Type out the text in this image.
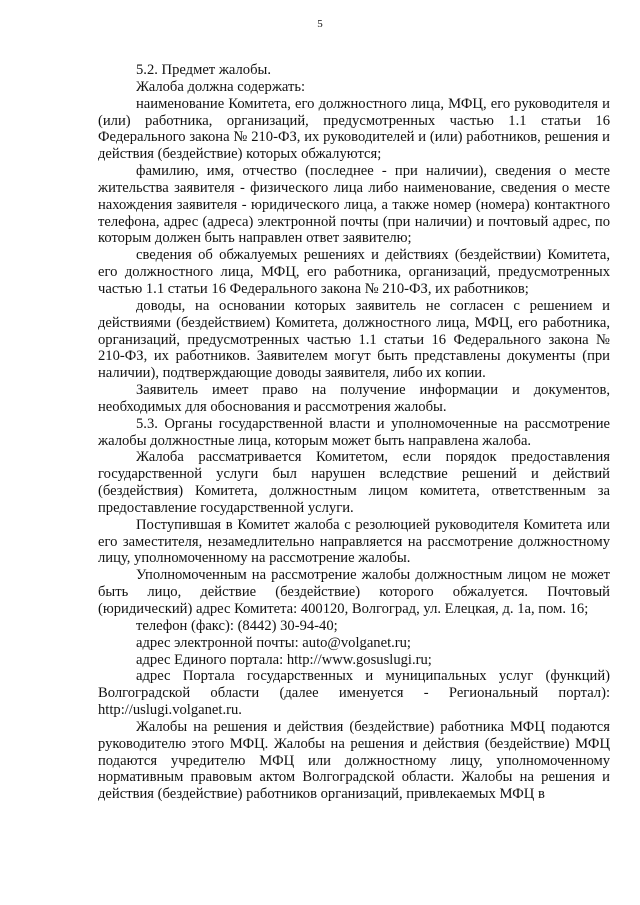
5

5.2. Предмет жалобы.

Жалоба должна содержать:

наименование Комитета, его должностного лица, МФЦ, его руководителя и (или) работника, организаций, предусмотренных частью 1.1 статьи 16 Федерального закона № 210-ФЗ, их руководителей и (или) работников, решения и действия (бездействие) которых обжалуются;

фамилию, имя, отчество (последнее - при наличии), сведения о месте жительства заявителя - физического лица либо наименование, сведения о месте нахождения заявителя - юридического лица, а также номер (номера) контактного телефона, адрес (адреса) электронной почты (при наличии) и почтовый адрес, по которым должен быть направлен ответ заявителю;

сведения об обжалуемых решениях и действиях (бездействии) Комитета, его должностного лица, МФЦ, его работника, организаций, предусмотренных частью 1.1 статьи 16 Федерального закона № 210-ФЗ, их работников;

доводы, на основании которых заявитель не согласен с решением и действиями (бездействием) Комитета, должностного лица, МФЦ, его работника, организаций, предусмотренных частью 1.1 статьи 16 Федерального закона № 210-ФЗ, их работников. Заявителем могут быть представлены документы (при наличии), подтверждающие доводы заявителя, либо их копии.

Заявитель имеет право на получение информации и документов, необходимых для обоснования и рассмотрения жалобы.

5.3. Органы государственной власти и уполномоченные на рассмотрение жалобы должностные лица, которым может быть направлена жалоба.

Жалоба рассматривается Комитетом, если порядок предоставления государственной услуги был нарушен вследствие решений и действий (бездействия) Комитета, должностным лицом комитета, ответственным за предоставление государственной услуги.

Поступившая в Комитет жалоба с резолюцией руководителя Комитета или его заместителя, незамедлительно направляется на рассмотрение должностному лицу, уполномоченному на рассмотрение жалобы.

Уполномоченным на рассмотрение жалобы должностным лицом не может быть лицо, действие (бездействие) которого обжалуется. Почтовый (юридический) адрес Комитета: 400120, Волгоград, ул. Елецкая, д. 1а, пом. 16;

телефон (факс): (8442) 30-94-40;

адрес электронной почты: auto@volganet.ru;

адрес Единого портала: http://www.gosuslugi.ru;

адрес Портала государственных и муниципальных услуг (функций) Волгоградской области (далее именуется - Региональный портал): http://uslugi.volganet.ru.

Жалобы на решения и действия (бездействие) работника МФЦ подаются руководителю этого МФЦ. Жалобы на решения и действия (бездействие) МФЦ подаются учредителю МФЦ или должностному лицу, уполномоченному нормативным правовым актом Волгоградской области. Жалобы на решения и действия (бездействие) работников организаций, привлекаемых МФЦ в
